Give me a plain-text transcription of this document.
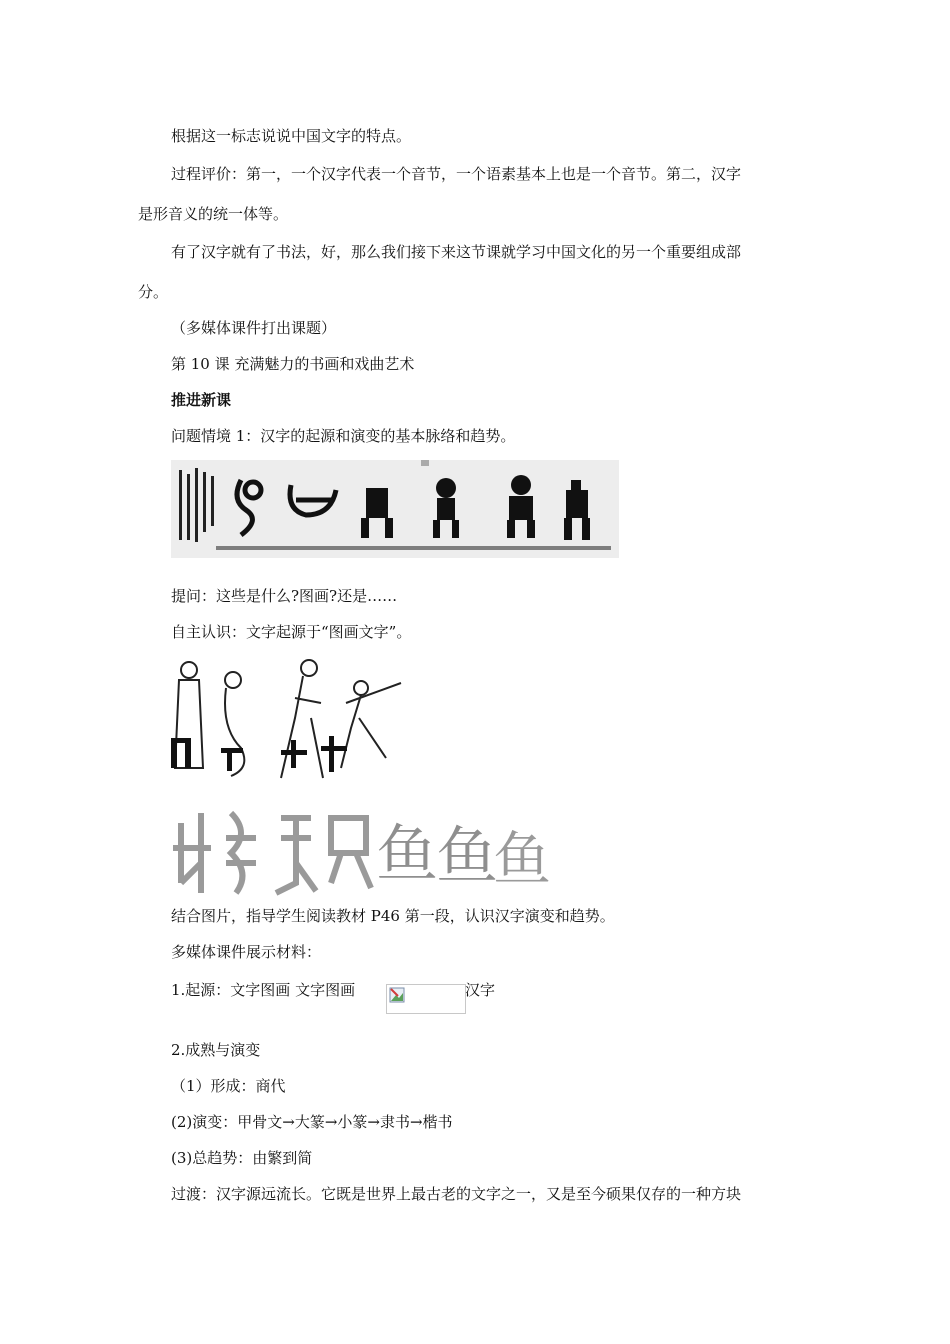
根据这一标志说说中国文字的特点。
过程评价：第一，一个汉字代表一个音节，一个语素基本上也是一个音节。第二，汉字
是形音义的统一体等。
有了汉字就有了书法，好，那么我们接下来这节课就学习中国文化的另一个重要组成部
分。
（多媒体课件打出课题）
第 10 课 充满魅力的书画和戏曲艺术
推进新课
问题情境 1：汉字的起源和演变的基本脉络和趋势。
提问：这些是什么?图画?还是……
自主认识：文字起源于“图画文字”。
鱼
鱼
鱼
结合图片，指导学生阅读教材 P46 第一段，认识汉字演变和趋势。
多媒体课件展示材料：
1.起源：文字图画 文字图画	汉字
2.成熟与演变
（1）形成：商代
(2)演变：甲骨文→大篆→小篆→隶书→楷书
(3)总趋势：由繁到简
过渡：汉字源远流长。它既是世界上最古老的文字之一，又是至今硕果仅存的一种方块
